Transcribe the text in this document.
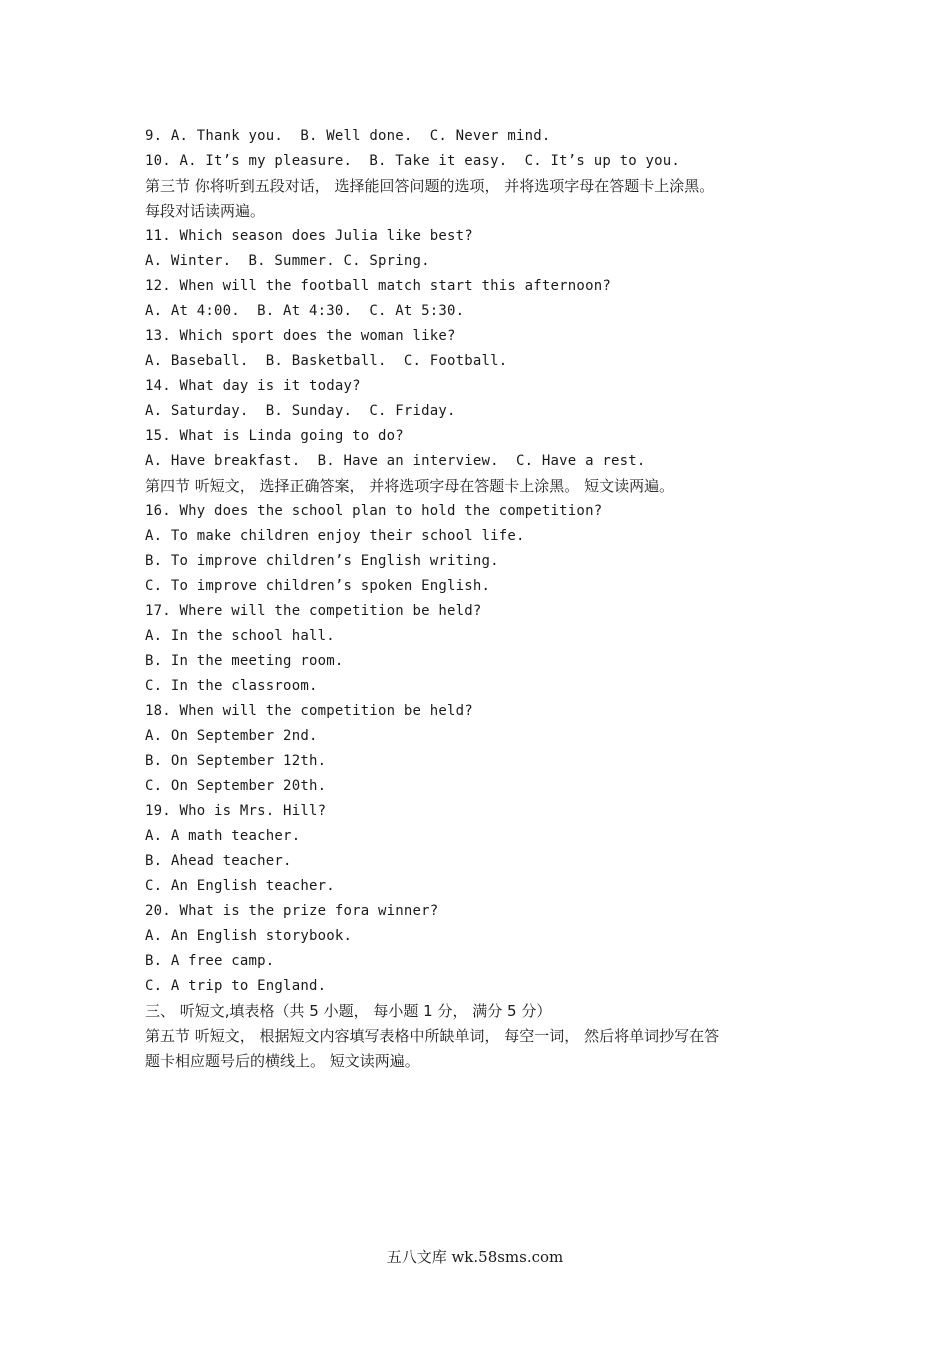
9. A. Thank you.  B. Well done.  C. Never mind.
10. A. It’s my pleasure.  B. Take it easy.  C. It’s up to you.
第三节 你将听到五段对话， 选择能回答问题的选项， 并将选项字母在答题卡上涂黑。
每段对话读两遍。
11. Which season does Julia like best?
A. Winter.  B. Summer. C. Spring.
12. When will the football match start this afternoon?
A. At 4:00.  B. At 4:30.  C. At 5:30.
13. Which sport does the woman like?
A. Baseball.  B. Basketball.  C. Football.
14. What day is it today?
A. Saturday.  B. Sunday.  C. Friday.
15. What is Linda going to do?
A. Have breakfast.  B. Have an interview.  C. Have a rest.
第四节 听短文， 选择正确答案， 并将选项字母在答题卡上涂黑。 短文读两遍。
16. Why does the school plan to hold the competition?
A. To make children enjoy their school life.
B. To improve children’s English writing.
C. To improve children’s spoken English.
17. Where will the competition be held?
A. In the school hall.
B. In the meeting room.
C. In the classroom.
18. When will the competition be held?
A. On September 2nd.
B. On September 12th.
C. On September 20th.
19. Who is Mrs. Hill?
A. A math teacher.
B. Ahead teacher.
C. An English teacher.
20. What is the prize fora winner?
A. An English storybook.
B. A free camp.
C. A trip to England.
三、 听短文,填表格（共 5 小题， 每小题 1 分， 满分 5 分）
第五节 听短文， 根据短文内容填写表格中所缺单词， 每空一词， 然后将单词抄写在答
题卡相应题号后的横线上。 短文读两遍。
五八文库 wk.58sms.com
